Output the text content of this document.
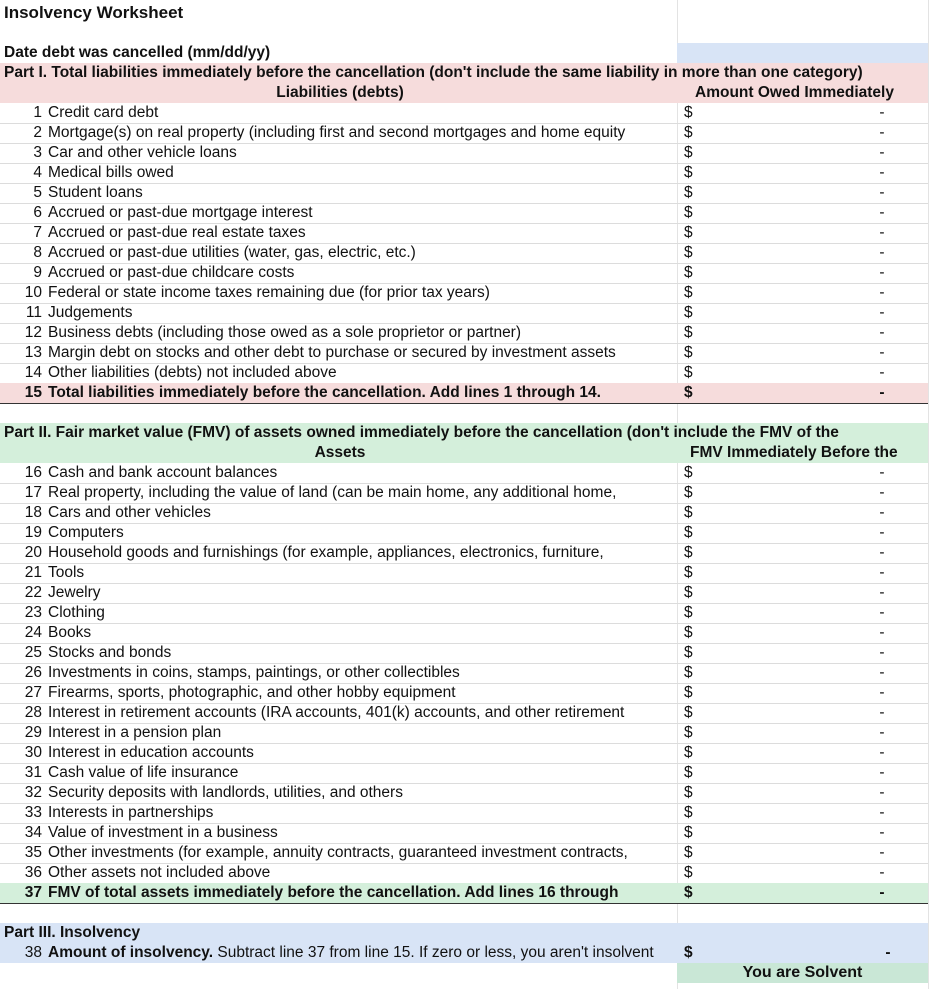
Insolvency Worksheet
Date debt was cancelled (mm/dd/yy)
Part I. Total liabilities immediately before the cancellation (don't include the same liability in more than one category)
Liabilities (debts)	Amount Owed Immediately
1 Credit card debt	$	-
2 Mortgage(s) on real property (including first and second mortgages and home equity	$	-
3 Car and other vehicle loans	$	-
4 Medical bills owed	$	-
5 Student loans	$	-
6 Accrued or past-due mortgage interest	$	-
7 Accrued or past-due real estate taxes	$	-
8 Accrued or past-due utilities (water, gas, electric, etc.)	$	-
9 Accrued or past-due childcare costs	$	-
10 Federal or state income taxes remaining due (for prior tax years)	$	-
11 Judgements	$	-
12 Business debts (including those owed as a sole proprietor or partner)	$	-
13 Margin debt on stocks and other debt to purchase or secured by investment assets	$	-
14 Other liabilities (debts) not included above	$	-
15 Total liabilities immediately before the cancellation. Add lines 1 through 14.	$	-
Part II. Fair market value (FMV) of assets owned immediately before the cancellation (don't include the FMV of the
Assets	FMV Immediately Before the
16 Cash and bank account balances	$	-
17 Real property, including the value of land (can be main home, any additional home,	$	-
18 Cars and other vehicles	$	-
19 Computers	$	-
20 Household goods and furnishings (for example, appliances, electronics, furniture,	$	-
21 Tools	$	-
22 Jewelry	$	-
23 Clothing	$	-
24 Books	$	-
25 Stocks and bonds	$	-
26 Investments in coins, stamps, paintings, or other collectibles	$	-
27 Firearms, sports, photographic, and other hobby equipment	$	-
28 Interest in retirement accounts (IRA accounts, 401(k) accounts, and other retirement	$	-
29 Interest in a pension plan	$	-
30 Interest in education accounts	$	-
31 Cash value of life insurance	$	-
32 Security deposits with landlords, utilities, and others	$	-
33 Interests in partnerships	$	-
34 Value of investment in a business	$	-
35 Other investments (for example, annuity contracts, guaranteed investment contracts,	$	-
36 Other assets not included above	$	-
37 FMV of total assets immediately before the cancellation. Add lines 16 through	$	-
Part III. Insolvency
38 Amount of insolvency. Subtract line 37 from line 15. If zero or less, you aren't insolvent	$	-
You are Solvent
